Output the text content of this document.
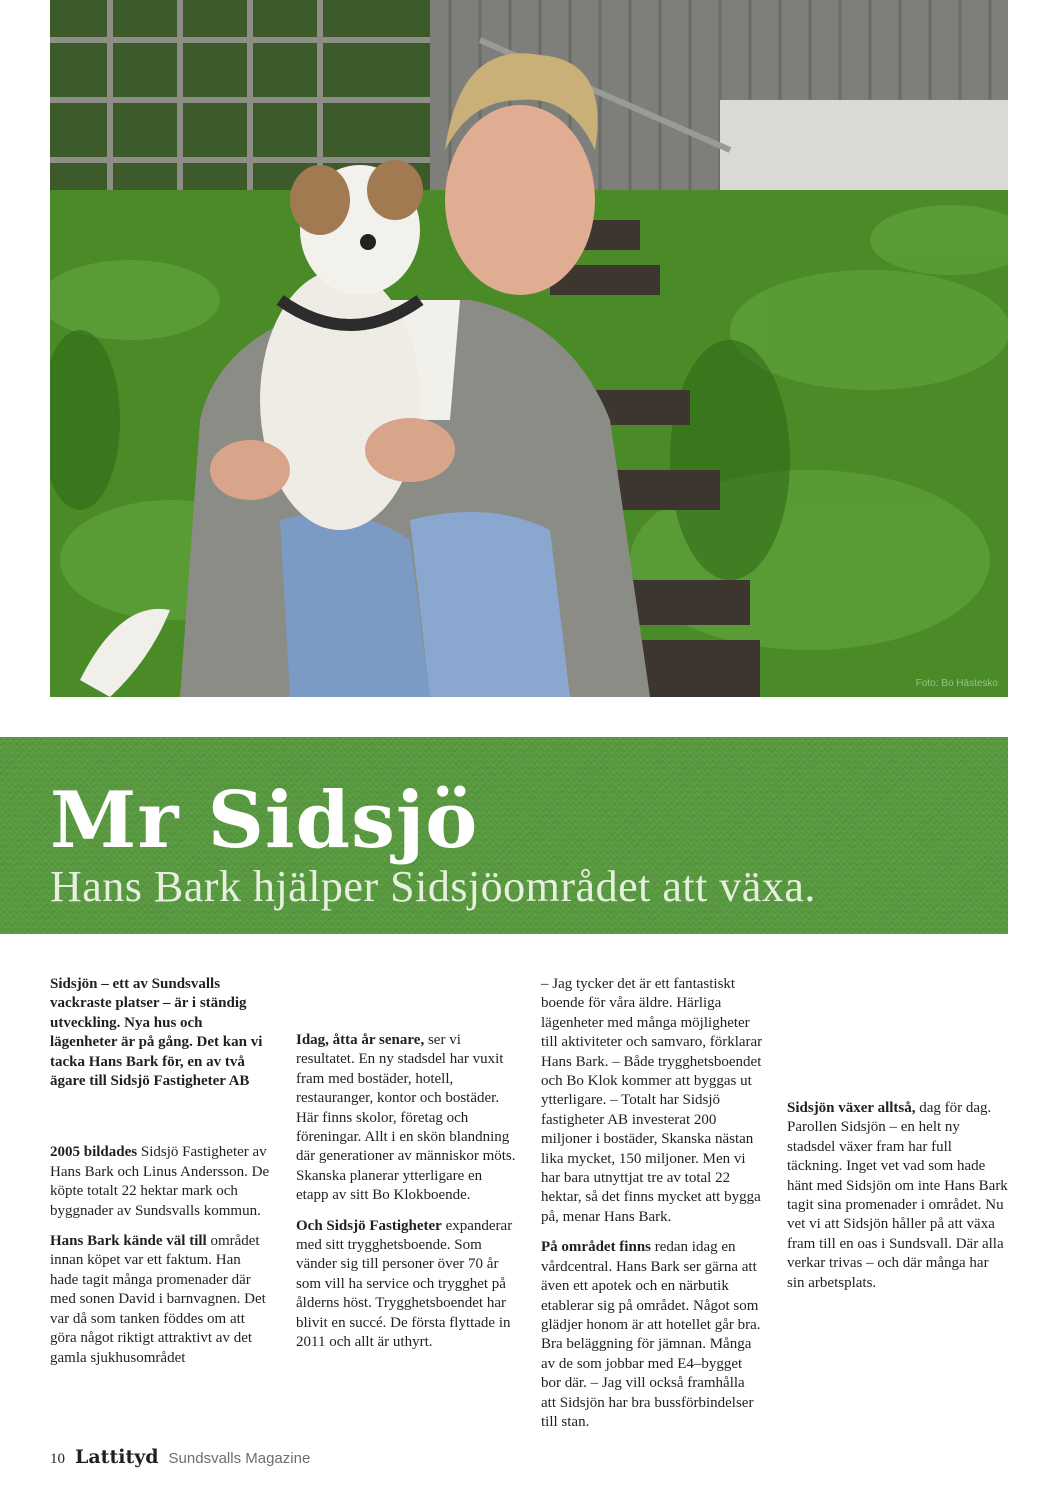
Foto: Bo Hästesko
Mr Sidsjö
Hans Bark hjälper Sidsjöområdet att växa.

Sidsjön – ett av Sundsvalls vackraste platser – är i ständig utveckling. Nya hus och lägenheter är på gång. Det kan vi tacka Hans Bark för, en av två ägare till Sidsjö Fastigheter AB

2005 bildades Sidsjö Fastigheter av Hans Bark och Linus Andersson. De köpte totalt 22 hektar mark och byggnader av Sundsvalls kommun.

Hans Bark kände väl till området innan köpet var ett faktum. Han hade tagit många promenader där med sonen David i barnvagnen. Det var då som tanken föddes om att göra något riktigt attraktivt av det gamla sjukhusområdet

Idag, åtta år senare, ser vi resultatet. En ny stadsdel har vuxit fram med bostäder, hotell, restauranger, kontor och bostäder. Här finns skolor, företag och föreningar. Allt i en skön blandning där generationer av människor möts. Skanska planerar ytterligare en etapp av sitt Bo Klokboende.

Och Sidsjö Fastigheter expanderar med sitt trygghetsboende. Som vänder sig till personer över 70 år som vill ha service och trygghet på ålderns höst. Trygghetsboendet har blivit en succé. De första flyttade in 2011 och allt är uthyrt.

– Jag tycker det är ett fantastiskt boende för våra äldre. Härliga lägenheter med många möjligheter till aktiviteter och samvaro, förklarar Hans Bark. – Både trygghetsboendet och Bo Klok kommer att byggas ut ytterligare. – Totalt har Sidsjö fastigheter AB investerat 200 miljoner i bostäder, Skanska nästan lika mycket, 150 miljoner. Men vi har bara utnyttjat tre av total 22 hektar, så det finns mycket att bygga på, menar Hans Bark.

På området finns redan idag en vårdcentral. Hans Bark ser gärna att även ett apotek och en närbutik etablerar sig på området. Något som glädjer honom är att hotellet går bra. Bra beläggning för jämnan. Många av de som jobbar med E4–bygget bor där. – Jag vill också framhålla att Sidsjön har bra bussförbindelser till stan.

Sidsjön växer alltså, dag för dag. Parollen Sidsjön – en helt ny stadsdel växer fram har full täckning. Inget vet vad som hade hänt med Sidsjön om inte Hans Bark tagit sina promenader i området. Nu vet vi att Sidsjön håller på att växa fram till en oas i Sundsvall. Där alla verkar trivas – och där många har sin arbetsplats.

10 Lattityd Sundsvalls Magazine
